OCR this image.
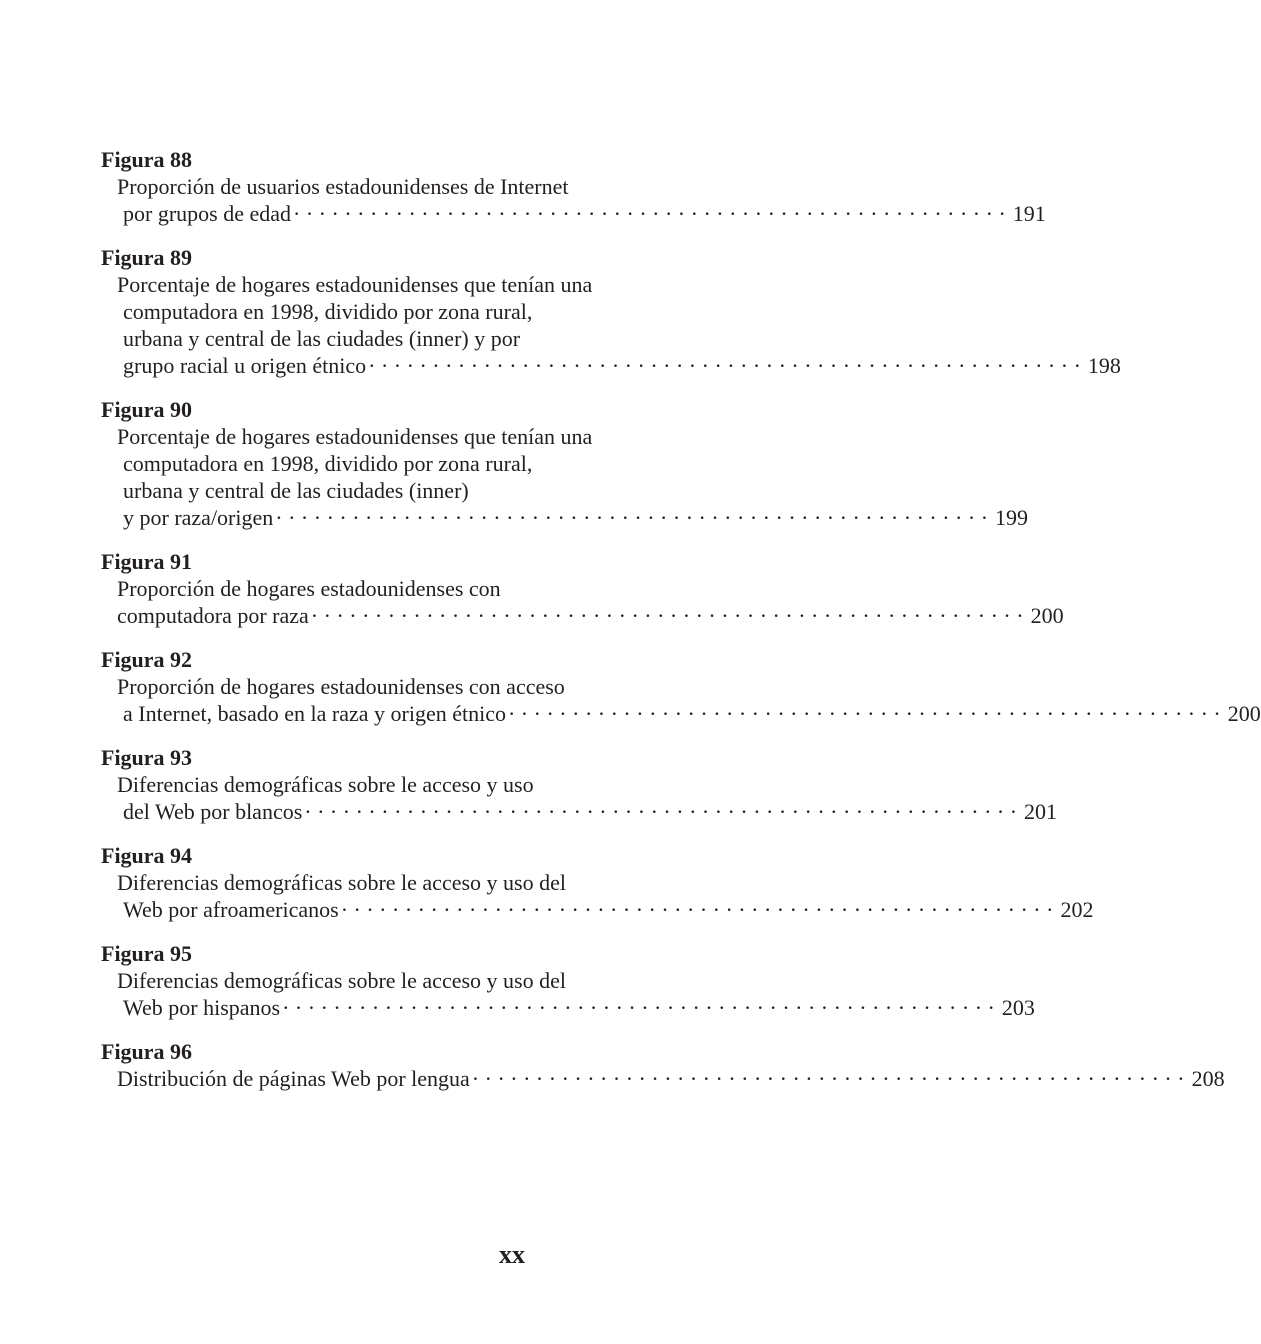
Figura 88
Proporción de usuarios estadounidenses de Internet
por grupos de edad · · · · · · · · · · · · · · · · · · · · · · · · · · · · · · · · · · · · · · · · · · · · · · · · · · · · · · · · 191
Figura 89
Porcentaje de hogares estadounidenses que tenían una
computadora en 1998, dividido por zona rural,
urbana y central de las ciudades (inner) y por
grupo racial u origen étnico · · · · · · · · · · · · · · · · · · · · · · · · · · · · · · · · · · · · · · · · · · · · · · · · · · · · · · · · 198
Figura 90
Porcentaje de hogares estadounidenses que tenían una
computadora en 1998, dividido por zona rural,
urbana y central de las ciudades (inner)
y por raza/origen · · · · · · · · · · · · · · · · · · · · · · · · · · · · · · · · · · · · · · · · · · · · · · · · · · · · · · · · 199
Figura 91
Proporción de hogares estadounidenses con
computadora por raza · · · · · · · · · · · · · · · · · · · · · · · · · · · · · · · · · · · · · · · · · · · · · · · · · · · · · · · · 200
Figura 92
Proporción de hogares estadounidenses con acceso
a Internet, basado en la raza y origen étnico · · · · · · · · · · · · · · · · · · · · · · · · · · · · · · · · · · · · · · · · · · · · · · · · · · · · · · · · 200
Figura 93
Diferencias demográficas sobre le acceso y uso
del Web por blancos · · · · · · · · · · · · · · · · · · · · · · · · · · · · · · · · · · · · · · · · · · · · · · · · · · · · · · · · 201
Figura 94
Diferencias demográficas sobre le acceso y uso del
Web por afroamericanos · · · · · · · · · · · · · · · · · · · · · · · · · · · · · · · · · · · · · · · · · · · · · · · · · · · · · · · · 202
Figura 95
Diferencias demográficas sobre le acceso y uso del
Web por hispanos · · · · · · · · · · · · · · · · · · · · · · · · · · · · · · · · · · · · · · · · · · · · · · · · · · · · · · · · 203
Figura 96
Distribución de páginas Web por lengua · · · · · · · · · · · · · · · · · · · · · · · · · · · · · · · · · · · · · · · · · · · · · · · · · · · · · · · · 208
xx
